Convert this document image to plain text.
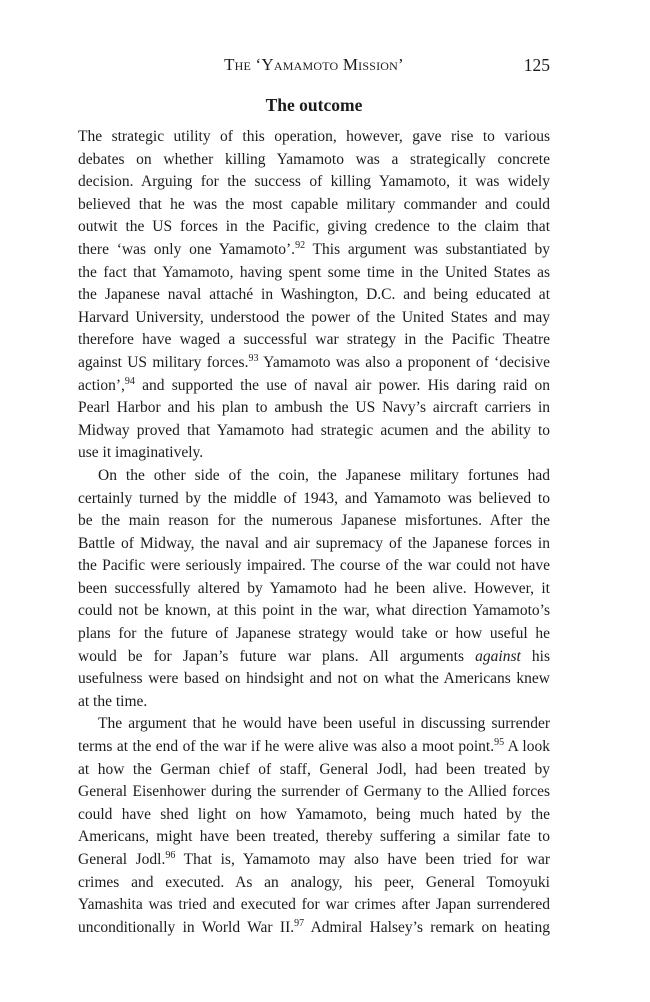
The ‘Yamamoto Mission’	125
The outcome
The strategic utility of this operation, however, gave rise to various
debates on whether killing Yamamoto was a strategically concrete
decision. Arguing for the success of killing Yamamoto, it was widely
believed that he was the most capable military commander and could
outwit the US forces in the Pacific, giving credence to the claim that
there ‘was only one Yamamoto’.$^{92}$ This argument was substantiated by
the fact that Yamamoto, having spent some time in the United States as
the Japanese naval attaché in Washington, D.C. and being educated at
Harvard University, understood the power of the United States and may
therefore have waged a successful war strategy in the Pacific Theatre
against US military forces.$^{93}$ Yamamoto was also a proponent of ‘decisive
action’,$^{94}$ and supported the use of naval air power. His daring raid on
Pearl Harbor and his plan to ambush the US Navy’s aircraft carriers in
Midway proved that Yamamoto had strategic acumen and the ability to
use it imaginatively.
On the other side of the coin, the Japanese military fortunes had
certainly turned by the middle of 1943, and Yamamoto was believed to
be the main reason for the numerous Japanese misfortunes. After the
Battle of Midway, the naval and air supremacy of the Japanese forces in
the Pacific were seriously impaired. The course of the war could not have
been successfully altered by Yamamoto had he been alive. However, it
could not be known, at this point in the war, what direction Yamamoto’s
plans for the future of Japanese strategy would take or how useful he
would be for Japan’s future war plans. All arguments against his
usefulness were based on hindsight and not on what the Americans knew
at the time.
The argument that he would have been useful in discussing surrender
terms at the end of the war if he were alive was also a moot point.$^{95}$ A look
at how the German chief of staff, General Jodl, had been treated by
General Eisenhower during the surrender of Germany to the Allied forces
could have shed light on how Yamamoto, being much hated by the
Americans, might have been treated, thereby suffering a similar fate to
General Jodl.$^{96}$ That is, Yamamoto may also have been tried for war
crimes and executed. As an analogy, his peer, General Tomoyuki
Yamashita was tried and executed for war crimes after Japan surrendered
unconditionally in World War II.$^{97}$ Admiral Halsey’s remark on heating
